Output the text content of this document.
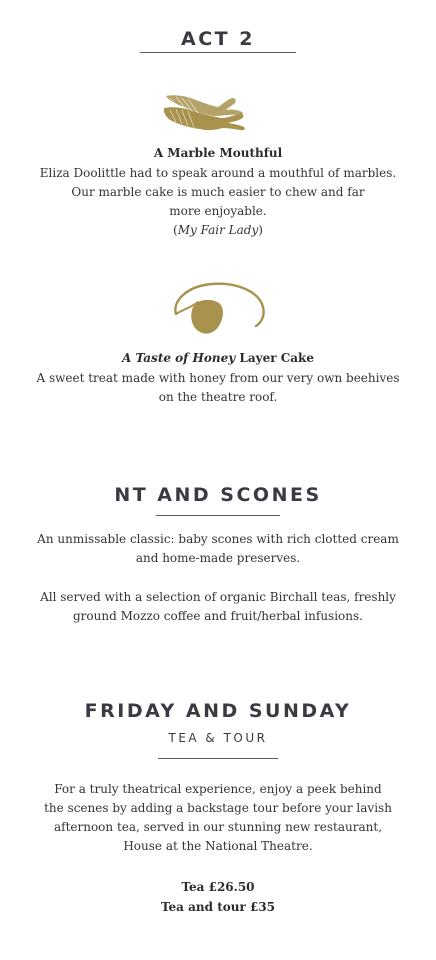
ACT 2
A Marble Mouthful
Eliza Doolittle had to speak around a mouthful of marbles.
Our marble cake is much easier to chew and far
more enjoyable.
(My Fair Lady)
A Taste of Honey Layer Cake
A sweet treat made with honey from our very own beehives
on the theatre roof.
NT AND SCONES
An unmissable classic: baby scones with rich clotted cream
and home-made preserves.
All served with a selection of organic Birchall teas, freshly
ground Mozzo coffee and fruit/herbal infusions.
FRIDAY AND SUNDAY
TEA & TOUR
For a truly theatrical experience, enjoy a peek behind
the scenes by adding a backstage tour before your lavish
afternoon tea, served in our stunning new restaurant,
House at the National Theatre.
Tea £26.50
Tea and tour £35
